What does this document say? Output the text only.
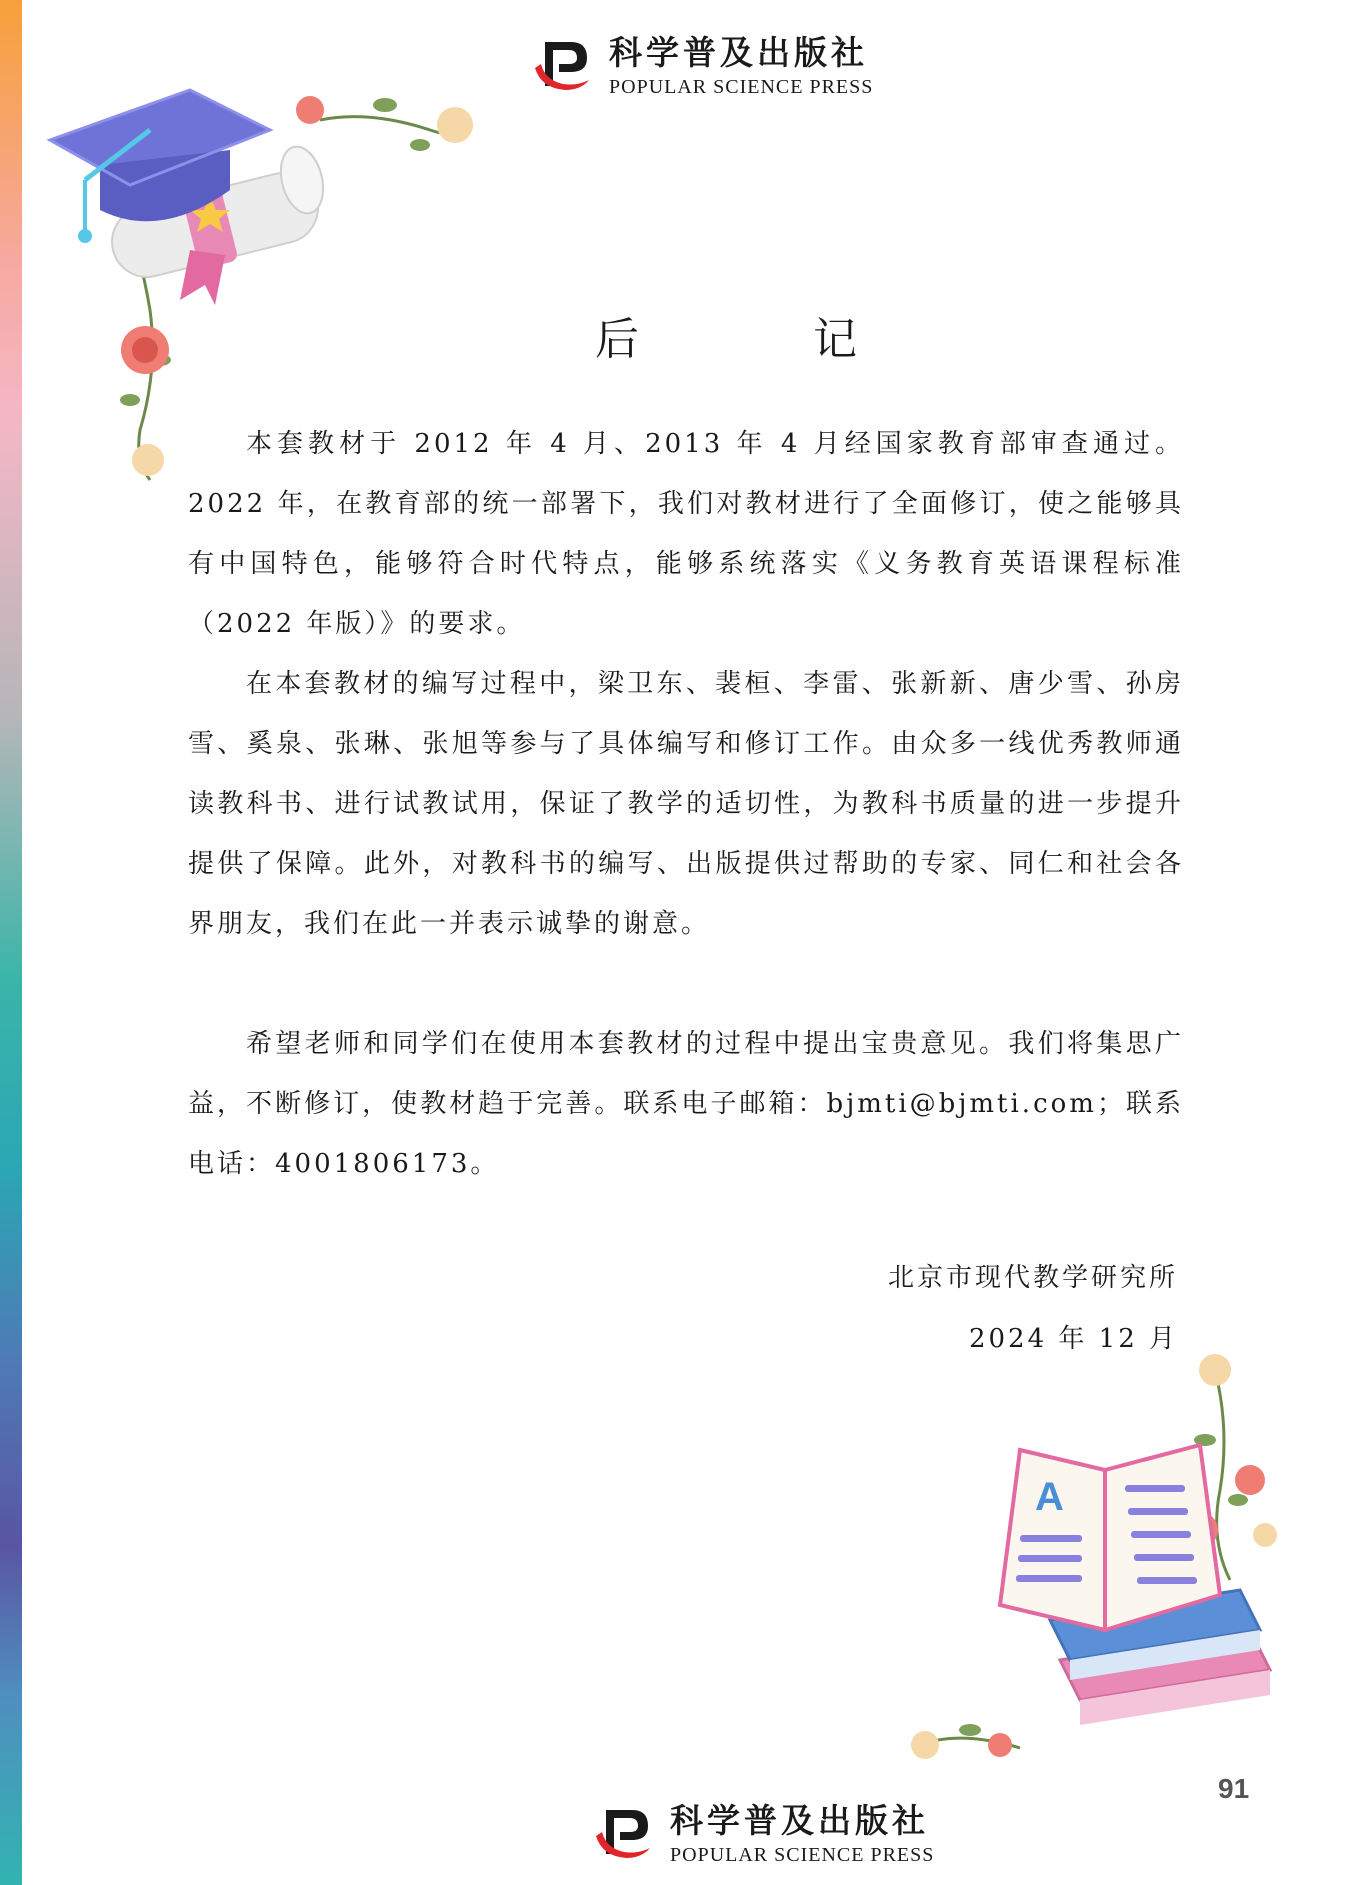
科学普及出版社
POPULAR SCIENCE PRESS
后 记

本套教材于 2012 年 4 月、2013 年 4 月经国家教育部审查通过。2022 年，在教育部的统一部署下，我们对教材进行了全面修订，使之能够具有中国特色，能够符合时代特点，能够系统落实《义务教育英语课程标准（2022 年版）》的要求。

在本套教材的编写过程中，梁卫东、裴桓、李雷、张新新、唐少雪、孙房雪、奚泉、张琳、张旭等参与了具体编写和修订工作。由众多一线优秀教师通读教科书、进行试教试用，保证了教学的适切性，为教科书质量的进一步提升提供了保障。此外，对教科书的编写、出版提供过帮助的专家、同仁和社会各界朋友，我们在此一并表示诚挚的谢意。

希望老师和同学们在使用本套教材的过程中提出宝贵意见。我们将集思广益，不断修订，使教材趋于完善。联系电子邮箱：bjmti@bjmti.com；联系电话：4001806173。

北京市现代教学研究所
2024 年 12 月
A
91
科学普及出版社
POPULAR SCIENCE PRESS
